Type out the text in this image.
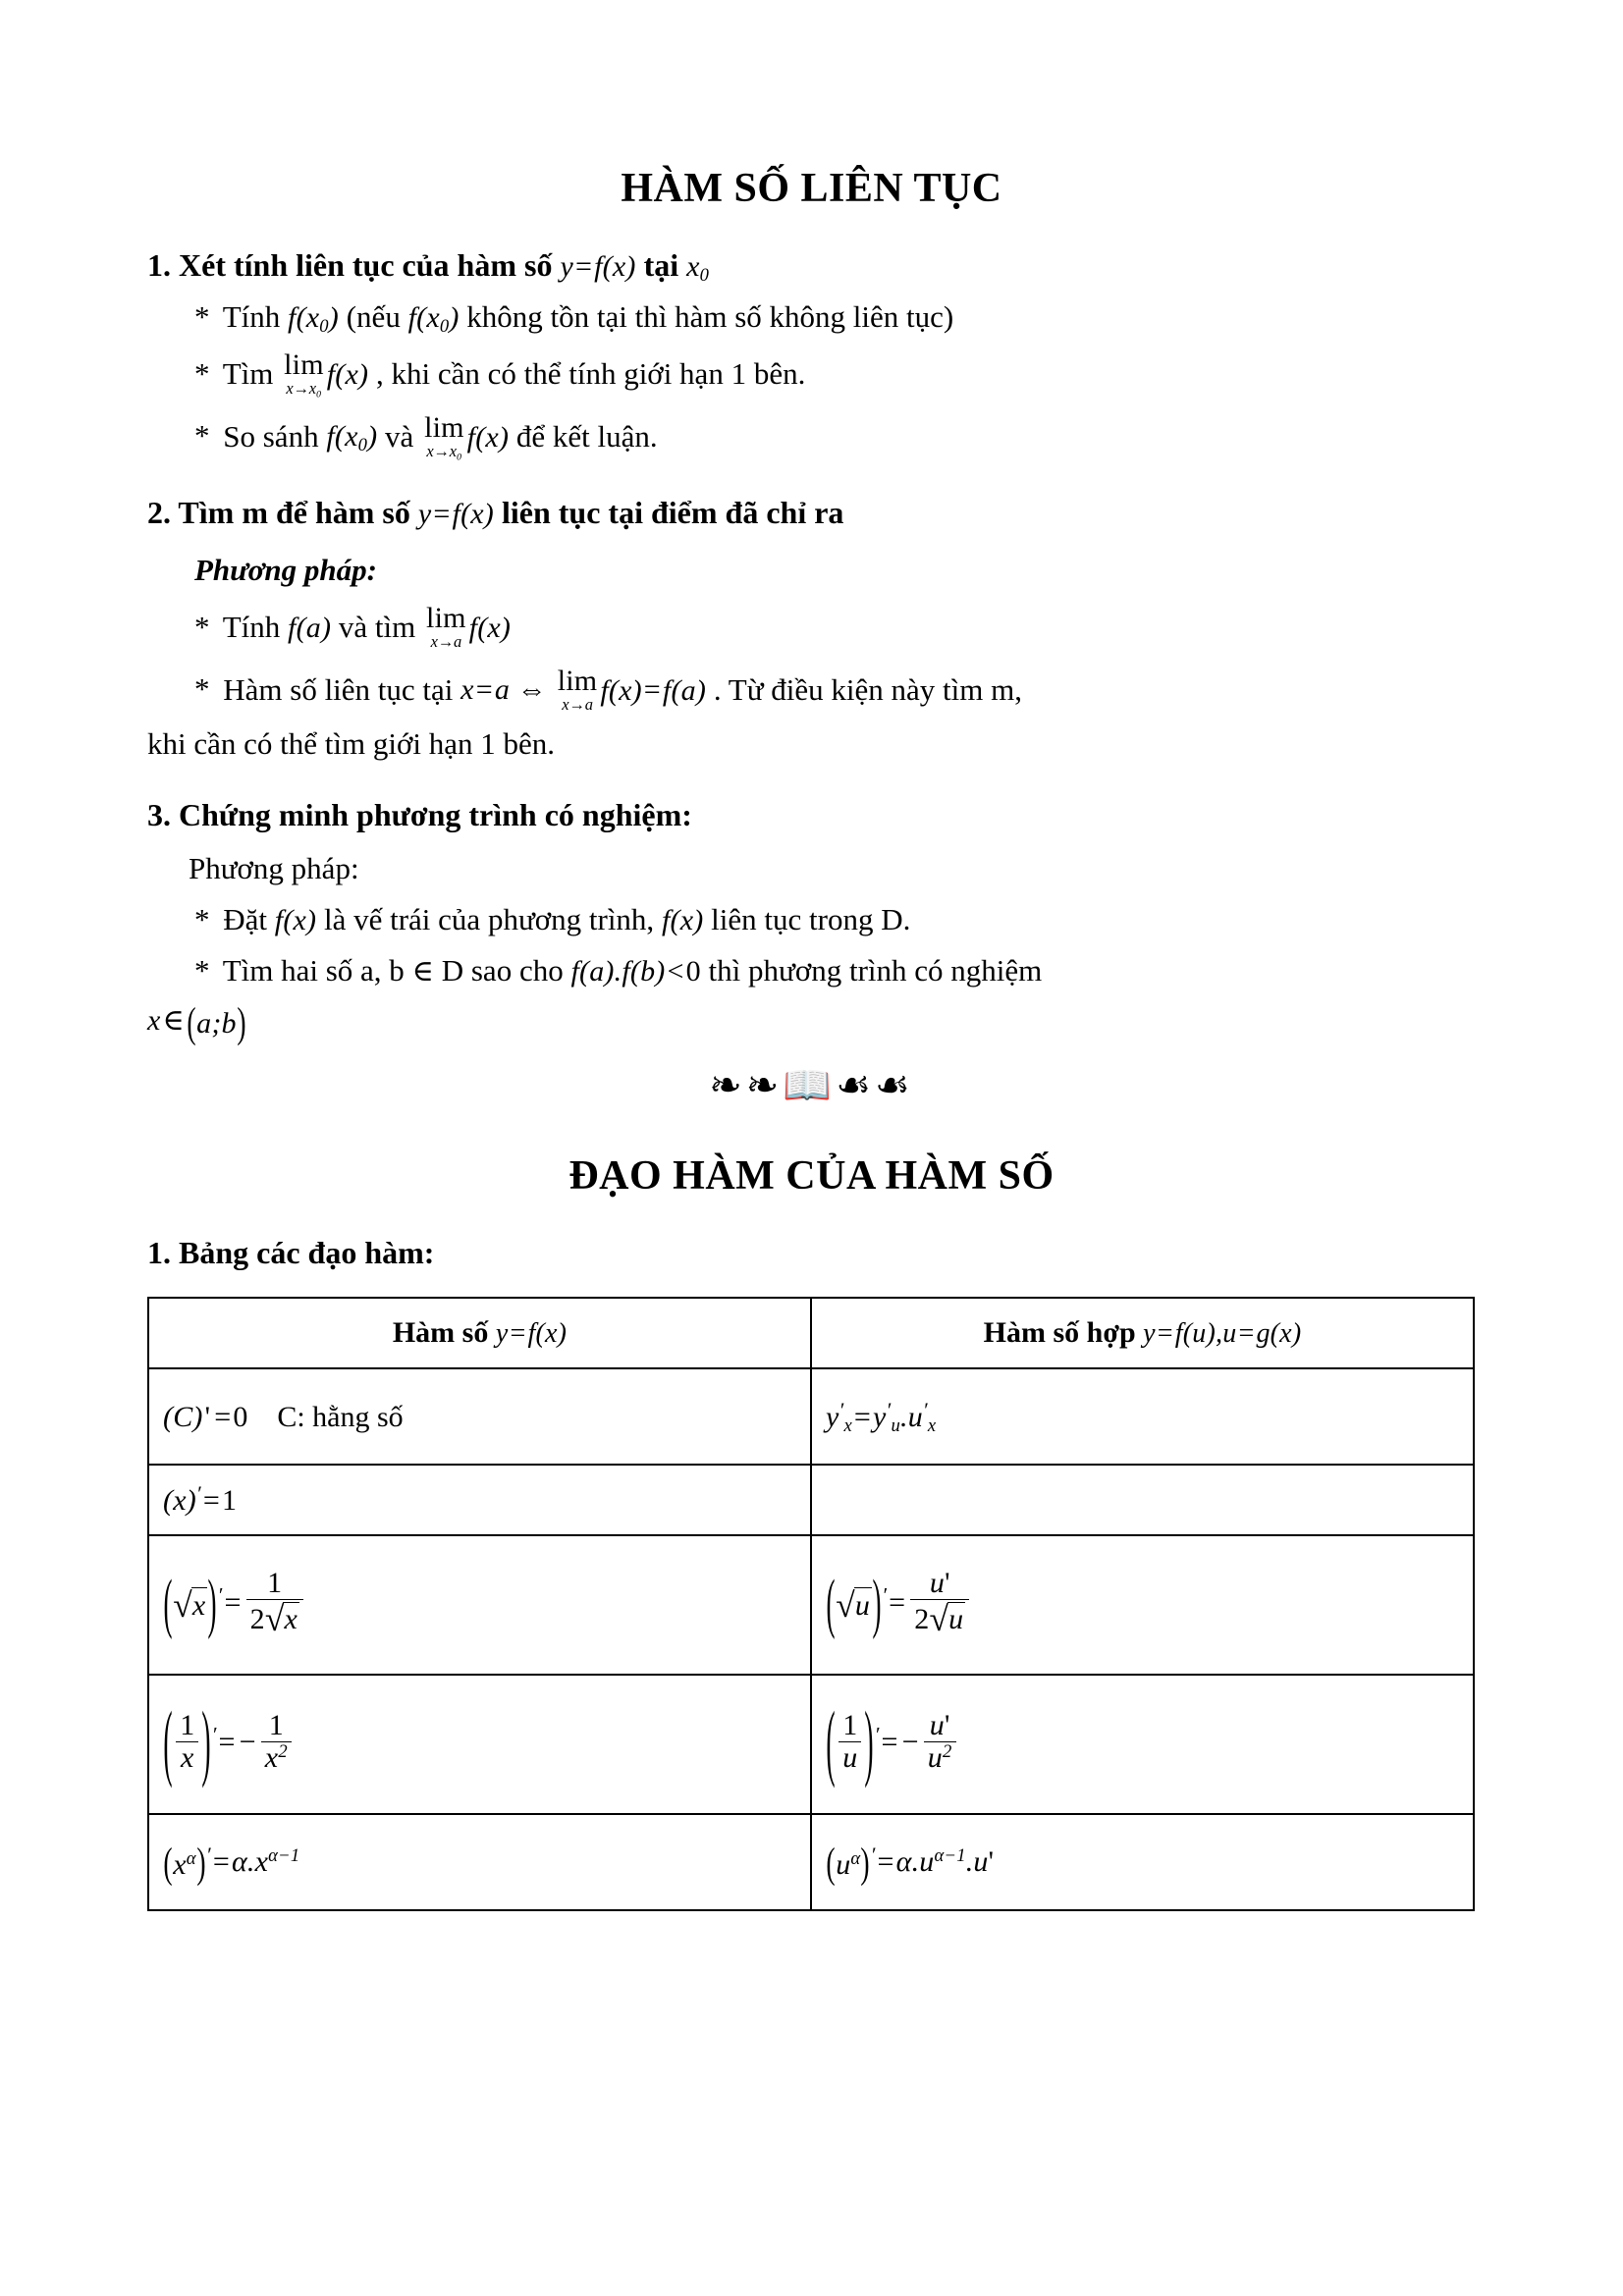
HÀM SỐ LIÊN TỤC
1. Xét tính liên tục của hàm số y=f(x) tại $x_0$
* Tính $f(x_0)$ (nếu $f(x_0)$ không tồn tại thì hàm số không liên tục)
* Tìm lim
x→x₀ f(x) , khi cần có thể tính giới hạn 1 bên.
* So sánh $f(x_0)$ và lim
x→x₀ f(x) để kết luận.
2. Tìm m để hàm số y=f(x) liên tục tại điểm đã chỉ ra
Phương pháp:
* Tính f(a) và tìm lim
x→a f(x)
* Hàm số liên tục tại x=a ⇔ lim
x→a f(x)=f(a) . Từ điều kiện này tìm m,
khi cần có thể tìm giới hạn 1 bên.
3. Chứng minh phương trình có nghiệm:
Phương pháp:
* Đặt f(x) là vế trái của phương trình, f(x) liên tục trong D.
* Tìm hai số a, b ∈ D sao cho f(a).f(b)<0 thì phương trình có nghiệm
x∈(a;b)
❧❧📖☙☙
ĐẠO HÀM CỦA HÀM SỐ
1. Bảng các đạo hàm:
Hàm số y=f(x)	Hàm số hợp y=f(u),u=g(x)
(C)' =0 C: hằng số	$y'_x=y'_u.u'_x$
(x)′=1	
$(√x)'= \frac{1}{2√x}$	$(√u)'= \frac{u'}{2√u}$

( $\frac{1}{x} )'= - \frac{1}{x^2}$	( $\frac{1}{u} )'= - \frac{u'}{u^2}$

$(x^\alpha)'=\alpha.x^{\alpha-1}$	$(u^\alpha)'=\alpha.u^{\alpha-1}.u'$
